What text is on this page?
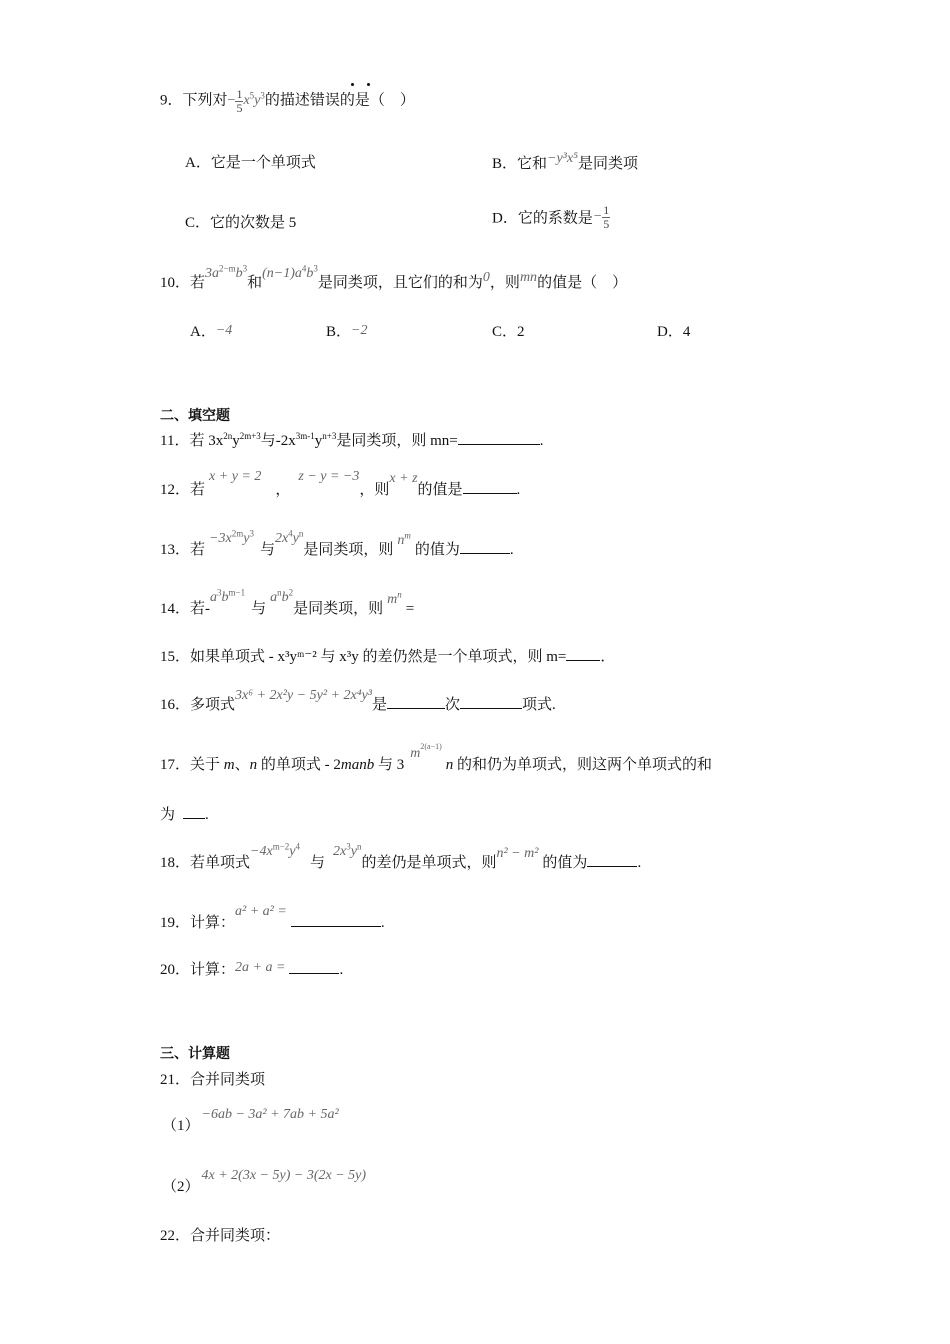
9．下列对− $\frac{1}{5} x^5y^3$的描述错误的是（　）
A．它是一个单项式	B．它和−y³x⁵是同类项
C．它的次数是 5	D．它的系数是− $\frac{1}{5}$
10．若$3a^{2-m}b^3$和$(n-1)a^4b^3$是同类项，且它们的和为0，则mn的值是（　）
A．−4	B．−2	C．2	D．4
二、填空题
11．若 $3x^{2n}y^{2m+3}$与$-2x^{3m-1}y^{n+3}$是同类项，则 mn=	.
12．若x + y = 2，z − y = −3，则x + z的值是	.
13．若$-3x^{2m}y^3$与$2x^4y^n$是同类项，则$n^m$的值为	.
14．若$-a^3b^{m-1}$与$a^nb^2$是同类项，则$m^n=$
15．如果单项式 - x³yᵐ⁻² 与 x³y 的差仍然是一个单项式，则 m= ．
16．多项式3x⁶ + 2x²y − 5y² + 2x⁴y³是	次	项式.
17．关于 m、n 的单项式 - 2manb 与 $3m^{2(a-1)}n$ 的和仍为单项式，则这两个单项式的和
为 .
18．若单项式$-4x^{m-2}y^4$与$2x^3y^n$的差仍是单项式，则n² − m²的值为	.
19．计算：a² + a² =.
20．计算：2a + a =	.
三、计算题
21．合并同类项
（1）−6ab − 3a² + 7ab + 5a²
（2）4x + 2(3x − 5y) − 3(2x − 5y)
22．合并同类项：
